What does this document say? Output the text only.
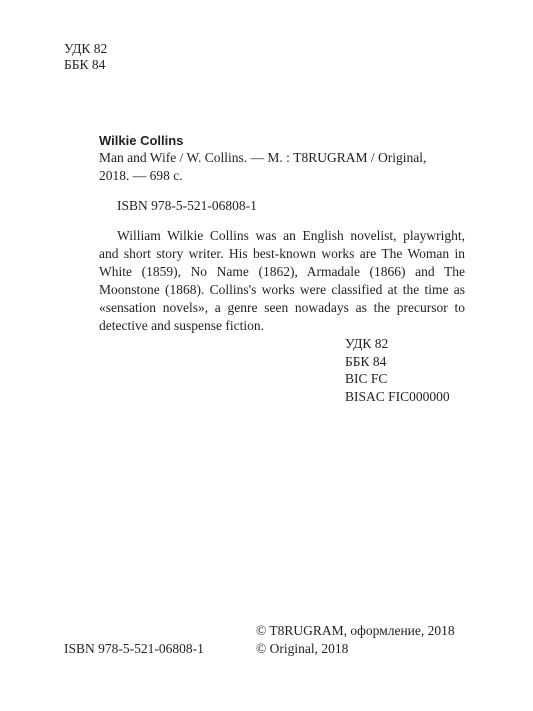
УДК 82
ББК 84

Wilkie Collins

Man and Wife / W. Collins. — М. : T8RUGRAM / Original,
2018. — 698 с.

ISBN 978-5-521-06808-1

William Wilkie Collins was an English novelist, playwright, and short story writer. His best-known works are The Woman in White (1859), No Name (1862), Armadale (1866) and The Moonstone (1868). Collins's works were classified at the time as «sensation novels», a genre seen nowadays as the precursor to detective and suspense fiction.

УДК 82
ББК 84
BIC FC
BISAC FIC000000
ISBN 978-5-521-06808-1
© T8RUGRAM, оформление, 2018
© Original, 2018
